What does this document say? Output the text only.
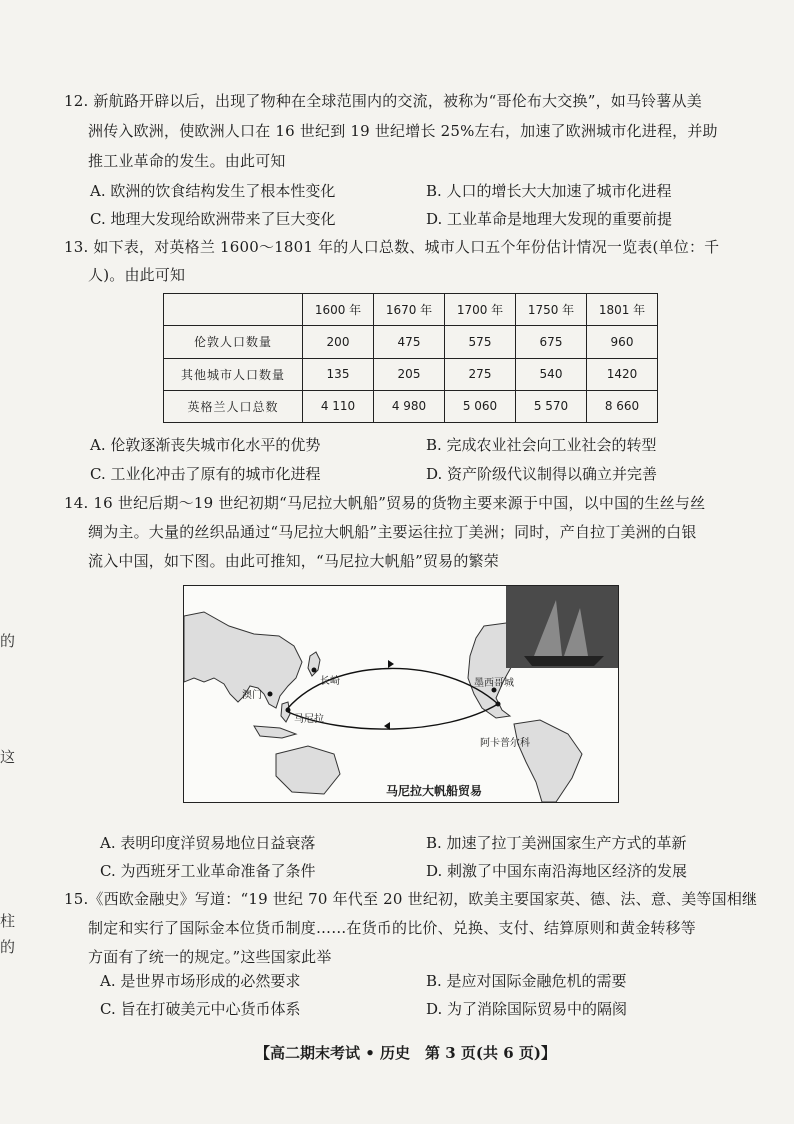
12. 新航路开辟以后，出现了物种在全球范围内的交流，被称为“哥伦布大交换”，如马铃薯从美
洲传入欧洲，使欧洲人口在 16 世纪到 19 世纪增长 25%左右，加速了欧洲城市化进程，并助
推工业革命的发生。由此可知
A. 欧洲的饮食结构发生了根本性变化	B. 人口的增长大大加速了城市化进程
C. 地理大发现给欧洲带来了巨大变化	D. 工业革命是地理大发现的重要前提
13. 如下表，对英格兰 1600～1801 年的人口总数、城市人口五个年份估计情况一览表(单位：千
人)。由此可知
	1600 年	1670 年	1700 年	1750 年	1801 年
伦敦人口数量	200	475	575	675	960
其他城市人口数量	135	205	275	540	1420
英格兰人口总数	4 110	4 980	5 060	5 570	8 660
A. 伦敦逐渐丧失城市化水平的优势	B. 完成农业社会向工业社会的转型
C. 工业化冲击了原有的城市化进程	D. 资产阶级代议制得以确立并完善
14. 16 世纪后期～19 世纪初期“马尼拉大帆船”贸易的货物主要来源于中国，以中国的生丝与丝
绸为主。大量的丝织品通过“马尼拉大帆船”主要运往拉丁美洲；同时，产自拉丁美洲的白银
流入中国，如下图。由此可推知，“马尼拉大帆船”贸易的繁荣
澳门
长崎
马尼拉
墨西哥城
阿卡普尔科
马尼拉大帆船贸易
A. 表明印度洋贸易地位日益衰落	B. 加速了拉丁美洲国家生产方式的革新
C. 为西班牙工业革命准备了条件	D. 刺激了中国东南沿海地区经济的发展
15.《西欧金融史》写道：“19 世纪 70 年代至 20 世纪初，欧美主要国家英、德、法、意、美等国相继
制定和实行了国际金本位货币制度……在货币的比价、兑换、支付、结算原则和黄金转移等
方面有了统一的规定。”这些国家此举
A. 是世界市场形成的必然要求	B. 是应对国际金融危机的需要
C. 旨在打破美元中心货币体系	D. 为了消除国际贸易中的隔阂
的
这
柱
的
【高二期末考试 • 历史　第 3 页(共 6 页)】
